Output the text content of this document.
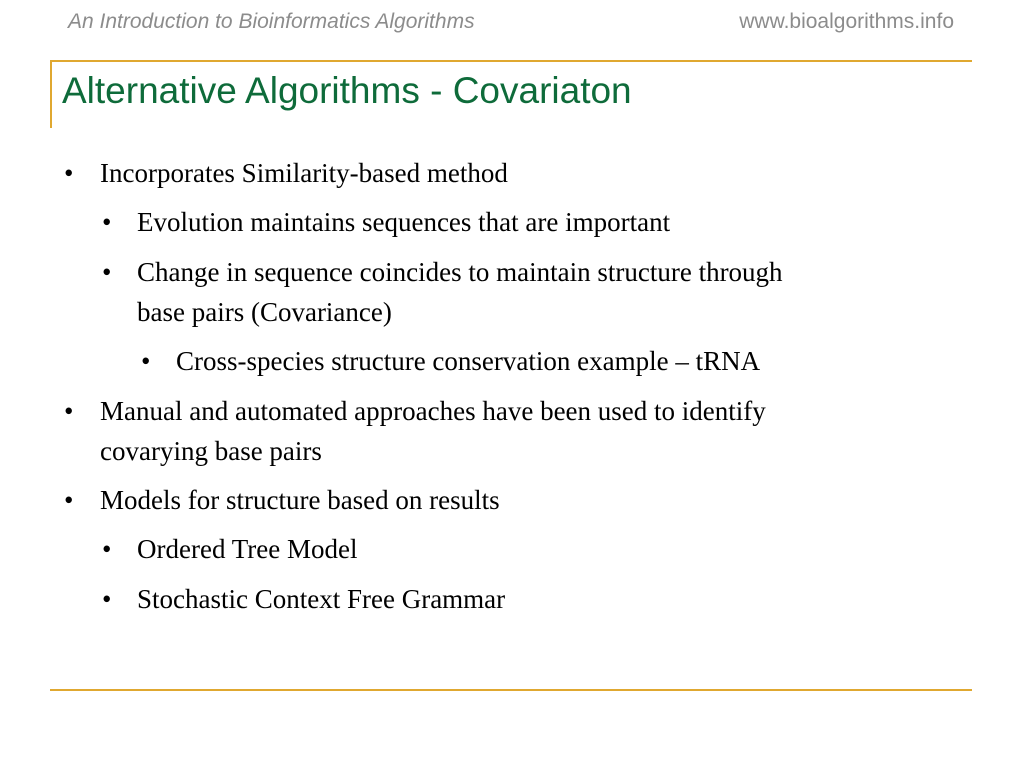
An Introduction to Bioinformatics Algorithms	www.bioalgorithms.info
Alternative Algorithms - Covariaton
• Incorporates Similarity-based method
• Evolution maintains sequences that are important
• Change in sequence coincides to maintain structure through
base pairs (Covariance)
• Cross-species structure conservation example – tRNA
• Manual and automated approaches have been used to identify
covarying base pairs
• Models for structure based on results
• Ordered Tree Model
• Stochastic Context Free Grammar
